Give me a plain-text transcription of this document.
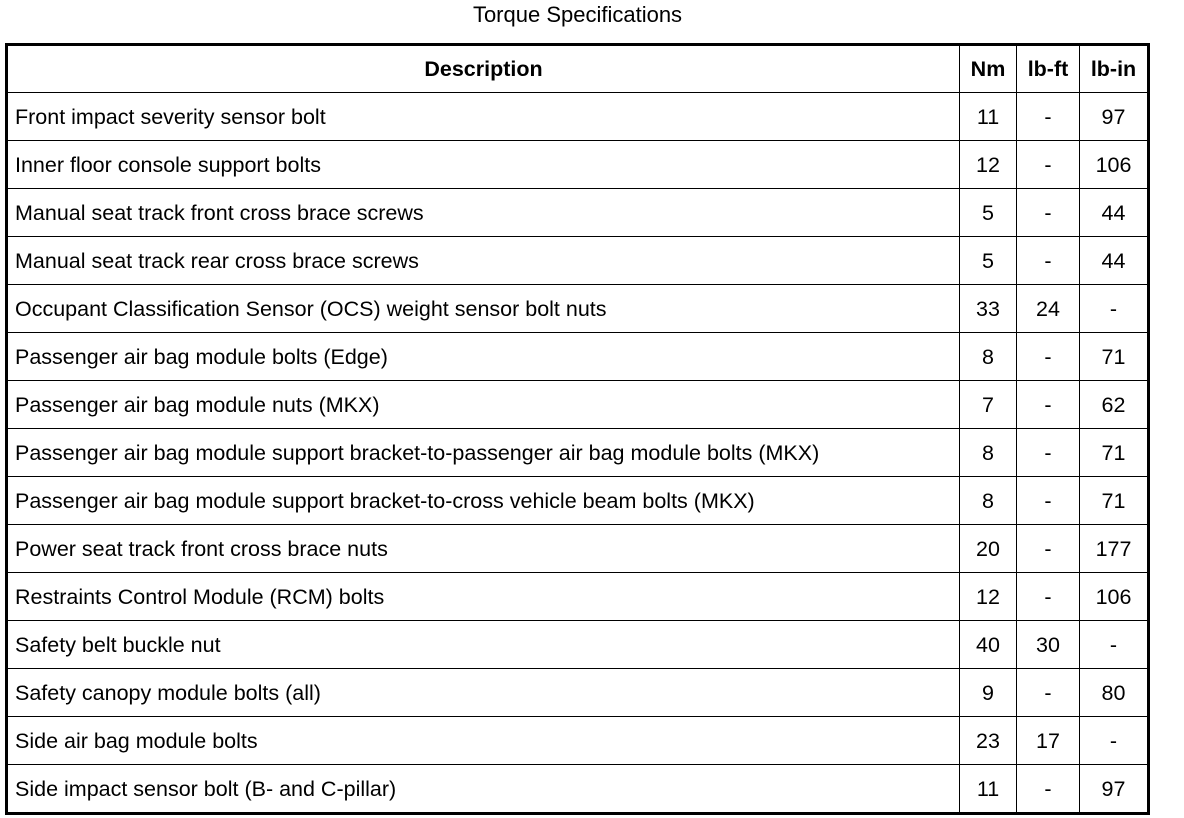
Torque Specifications
Description	Nm	lb-ft	lb-in
Front impact severity sensor bolt	11	-	97
Inner floor console support bolts	12	-	106
Manual seat track front cross brace screws	5	-	44
Manual seat track rear cross brace screws	5	-	44
Occupant Classification Sensor (OCS) weight sensor bolt nuts	33	24	-
Passenger air bag module bolts (Edge)	8	-	71
Passenger air bag module nuts (MKX)	7	-	62
Passenger air bag module support bracket-to-passenger air bag module bolts (MKX)	8	-	71
Passenger air bag module support bracket-to-cross vehicle beam bolts (MKX)	8	-	71
Power seat track front cross brace nuts	20	-	177
Restraints Control Module (RCM) bolts	12	-	106
Safety belt buckle nut	40	30	-
Safety canopy module bolts (all)	9	-	80
Side air bag module bolts	23	17	-
Side impact sensor bolt (B- and C-pillar)	11	-	97
